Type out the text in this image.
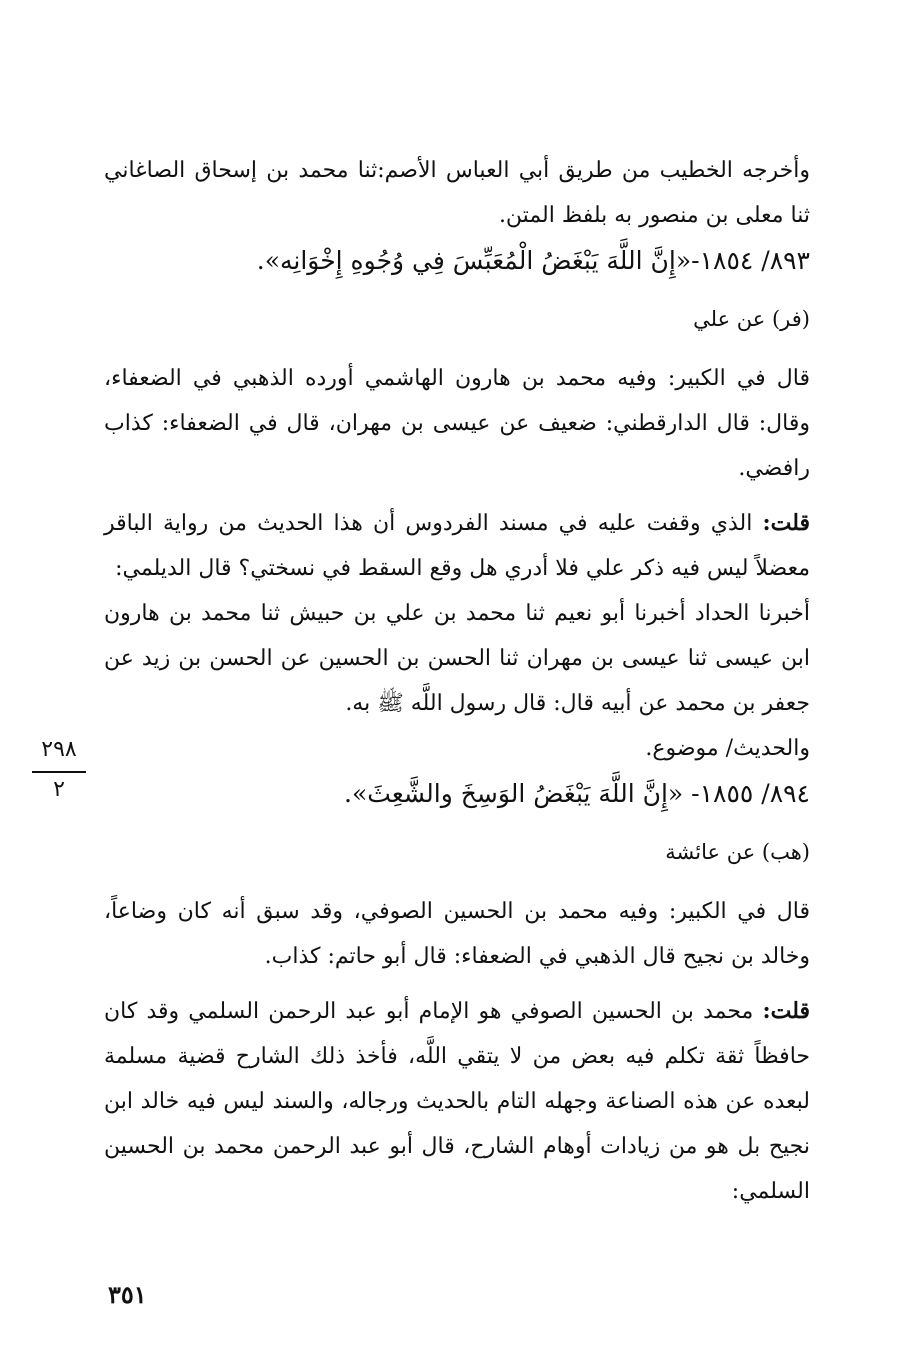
وأخرجه الخطيب من طريق أبي العباس الأصم:ثنا محمد بن إسحاق الصاغاني ثنا معلى بن منصور به بلفظ المتن.

٨٩٣/ ١٨٥٤-«إِنَّ اللَّهَ يَبْغَضُ الْمُعَبِّسَ فِي وُجُوهِ إِخْوَانِه».

(فر) عن علي

قال في الكبير: وفيه محمد بن هارون الهاشمي أورده الذهبي في الضعفاء، وقال: قال الدارقطني: ضعيف عن عيسى بن مهران، قال في الضعفاء: كذاب رافضي.

قلت: الذي وقفت عليه في مسند الفردوس أن هذا الحديث من رواية الباقر معضلاً ليس فيه ذكر علي فلا أدري هل وقع السقط في نسختي؟ قال الديلمي:

أخبرنا الحداد أخبرنا أبو نعيم ثنا محمد بن علي بن حبيش ثنا محمد بن هارون ابن عيسى ثنا عيسى بن مهران ثنا الحسن بن الحسين عن الحسن بن زيد عن جعفر بن محمد عن أبيه قال: قال رسول اللَّه ﷺ به.

والحديث/ موضوع.

٨٩٤/ ١٨٥٥- «إِنَّ اللَّهَ يَبْغَضُ الوَسِخَ والشَّعِثَ».

(هب) عن عائشة

قال في الكبير: وفيه محمد بن الحسين الصوفي، وقد سبق أنه كان وضاعاً، وخالد بن نجيح قال الذهبي في الضعفاء: قال أبو حاتم: كذاب.

قلت: محمد بن الحسين الصوفي هو الإمام أبو عبد الرحمن السلمي وقد كان حافظاً ثقة تكلم فيه بعض من لا يتقي اللَّه، فأخذ ذلك الشارح قضية مسلمة لبعده عن هذه الصناعة وجهله التام بالحديث ورجاله، والسند ليس فيه خالد ابن نجيح بل هو من زيادات أوهام الشارح، قال أبو عبد الرحمن محمد بن الحسين السلمي:

٢٩٨
٢
٣٥١
